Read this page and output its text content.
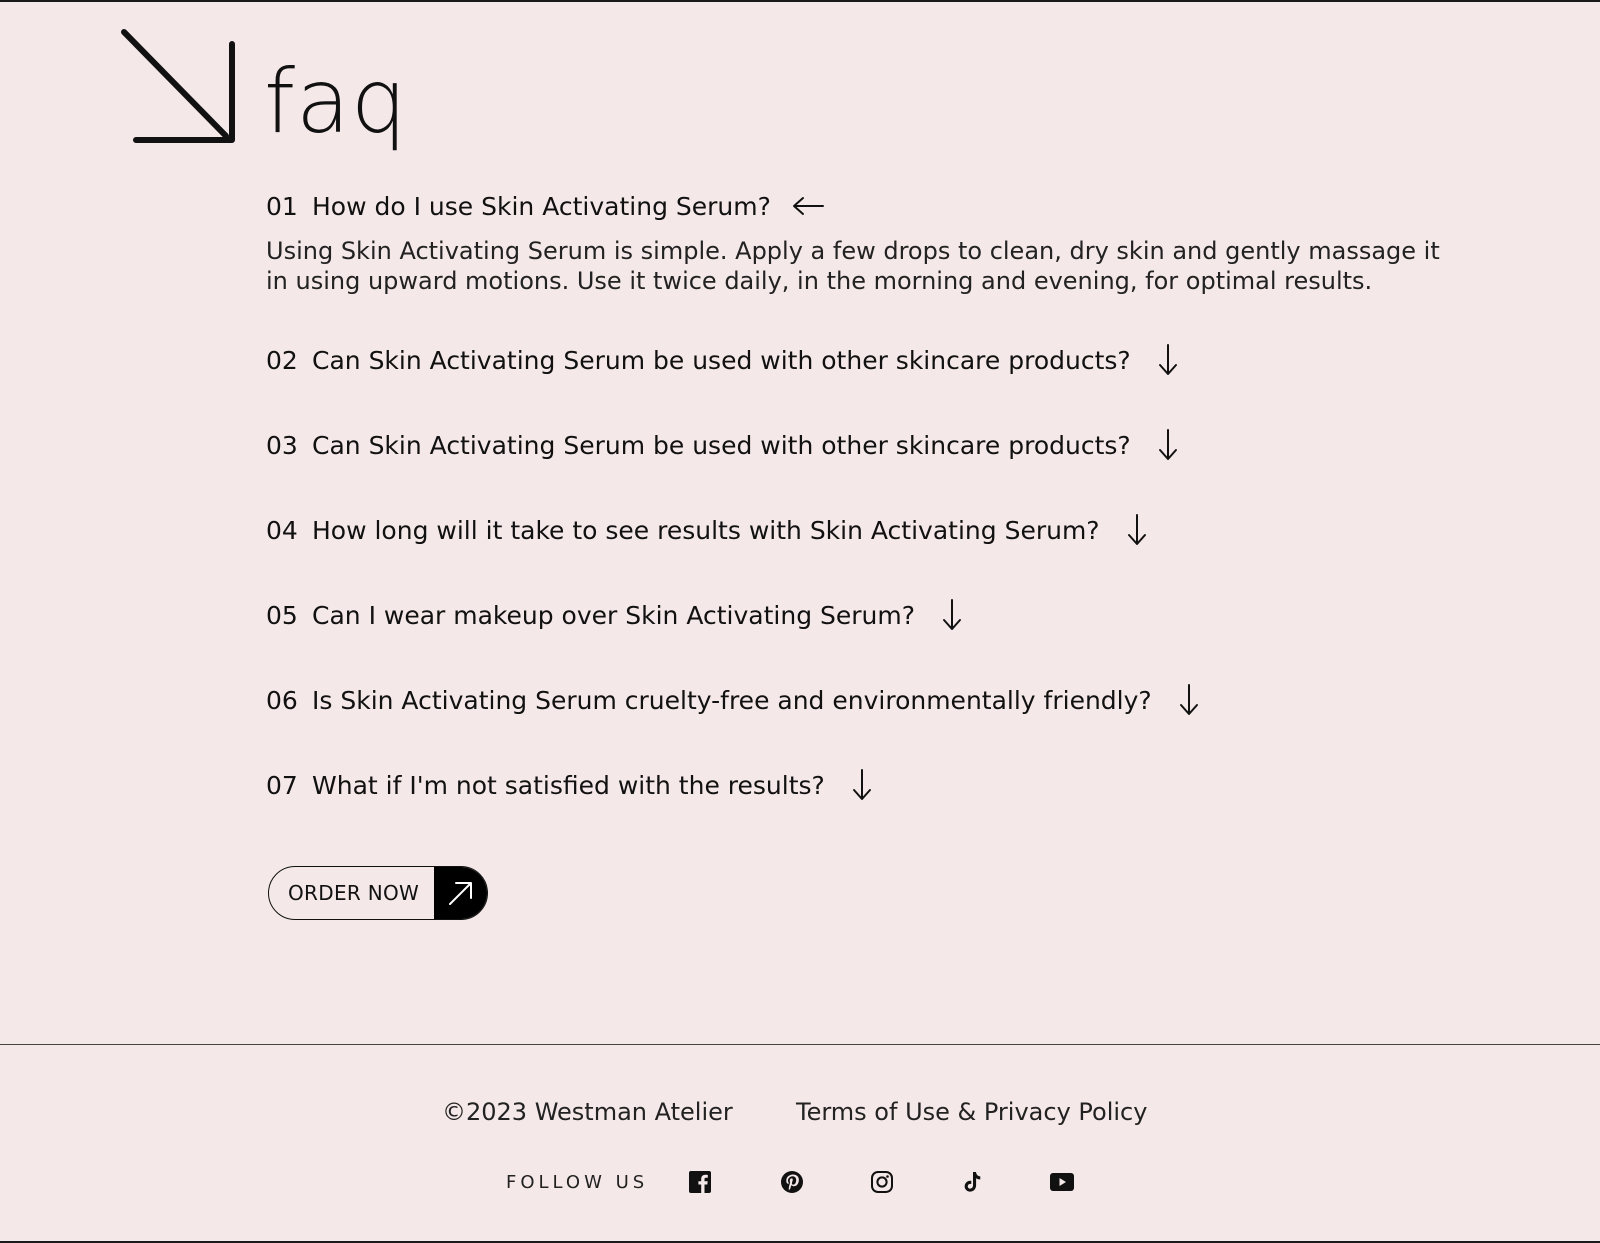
faq
01 How do I use Skin Activating Serum?

Using Skin Activating Serum is simple. Apply a few drops to clean, dry skin and gently massage it in using upward motions. Use it twice daily, in the morning and evening, for optimal results.

02 Can Skin Activating Serum be used with other skincare products?
03 Can Skin Activating Serum be used with other skincare products?
04 How long will it take to see results with Skin Activating Serum?
05 Can I wear makeup over Skin Activating Serum?
06 Is Skin Activating Serum cruelty-free and environmentally friendly?
07 What if I'm not satisfied with the results?
ORDER NOW
©2023 Westman Atelier	Terms of Use & Privacy Policy
FOLLOW US
